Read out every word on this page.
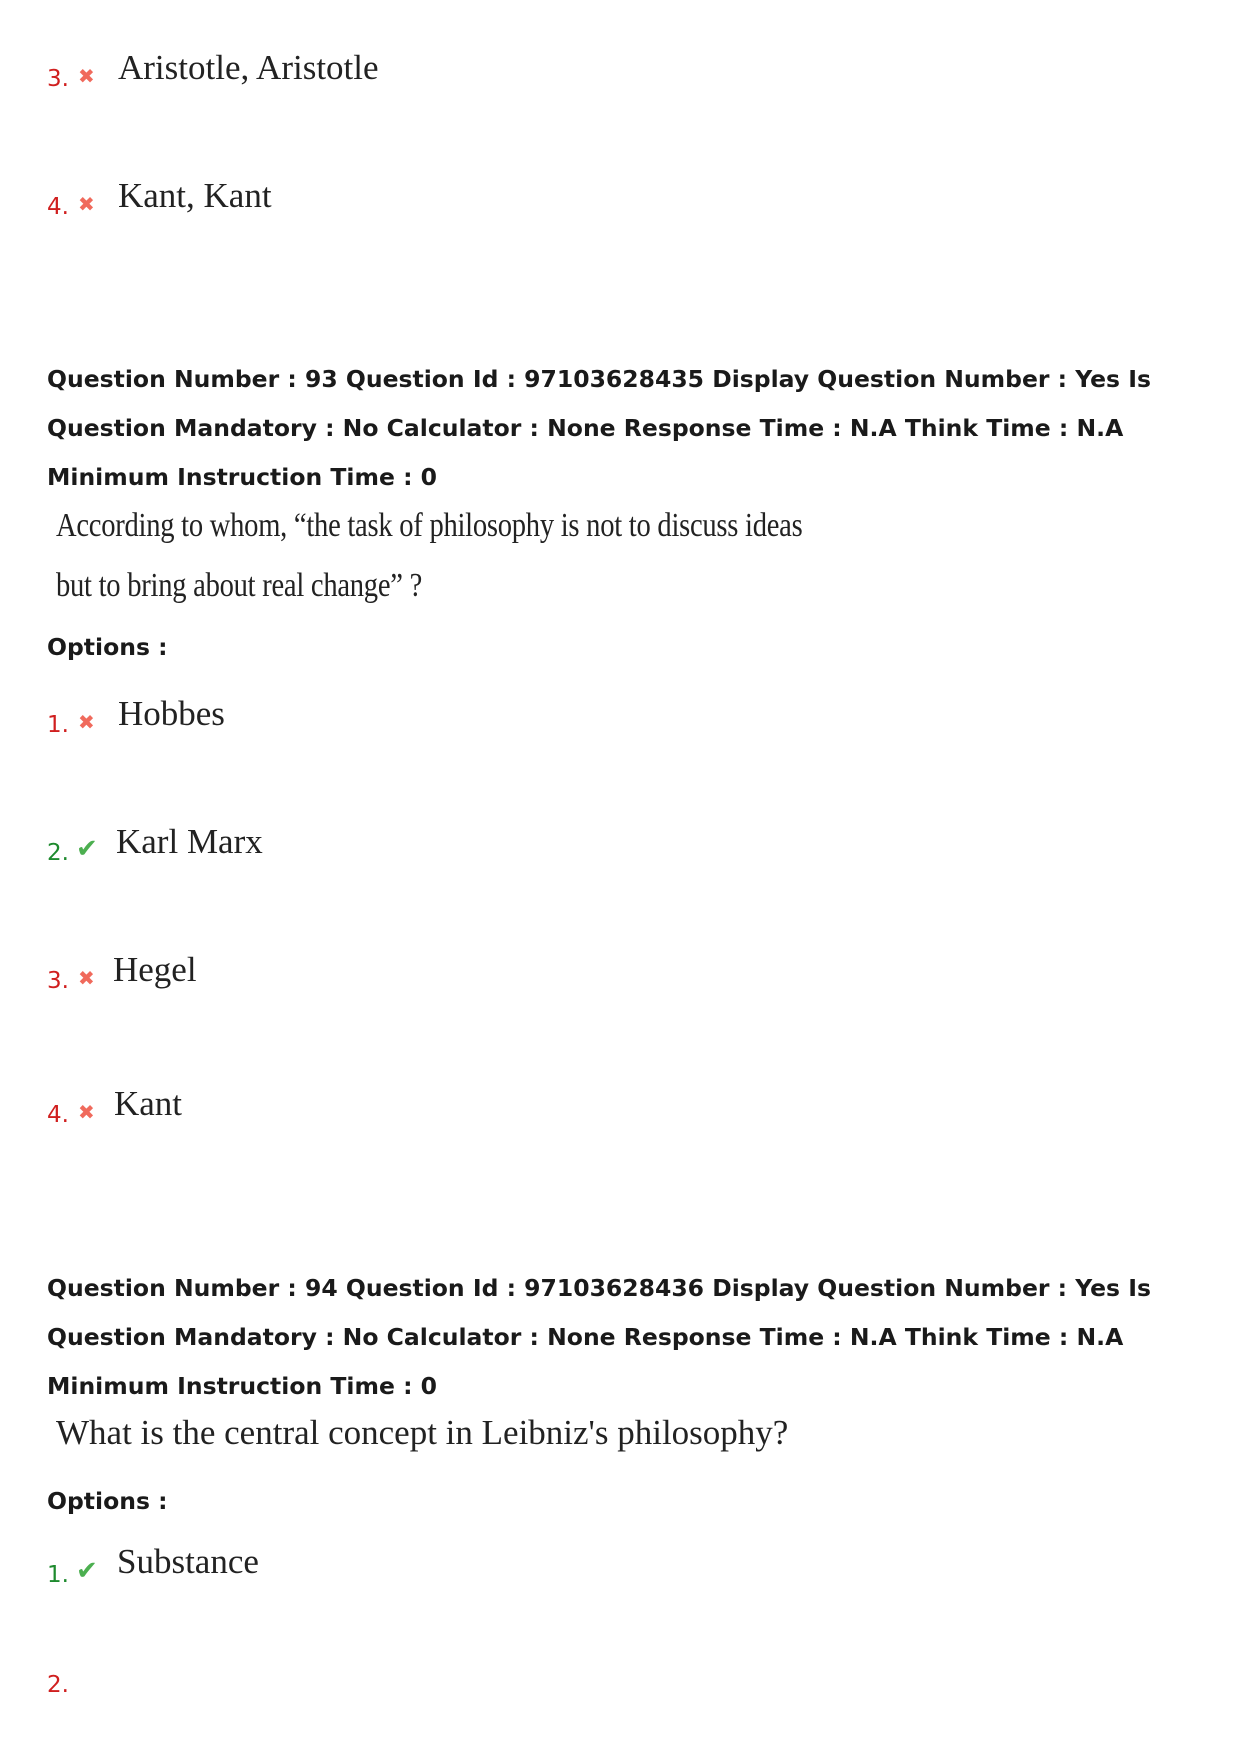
3. ✖ Aristotle, Aristotle
4. ✖ Kant, Kant
Question Number : 93 Question Id : 97103628435 Display Question Number : Yes Is Question Mandatory : No Calculator : None Response Time : N.A Think Time : N.A Minimum Instruction Time : 0
According to whom, “the task of philosophy is not to discuss ideas but to bring about real change” ?
Options :
1. ✖ Hobbes
2. ✔ Karl Marx
3. ✖ Hegel
4. ✖ Kant
Question Number : 94 Question Id : 97103628436 Display Question Number : Yes Is Question Mandatory : No Calculator : None Response Time : N.A Think Time : N.A Minimum Instruction Time : 0
What is the central concept in Leibniz's philosophy?
Options :
1. ✔ Substance
2.
